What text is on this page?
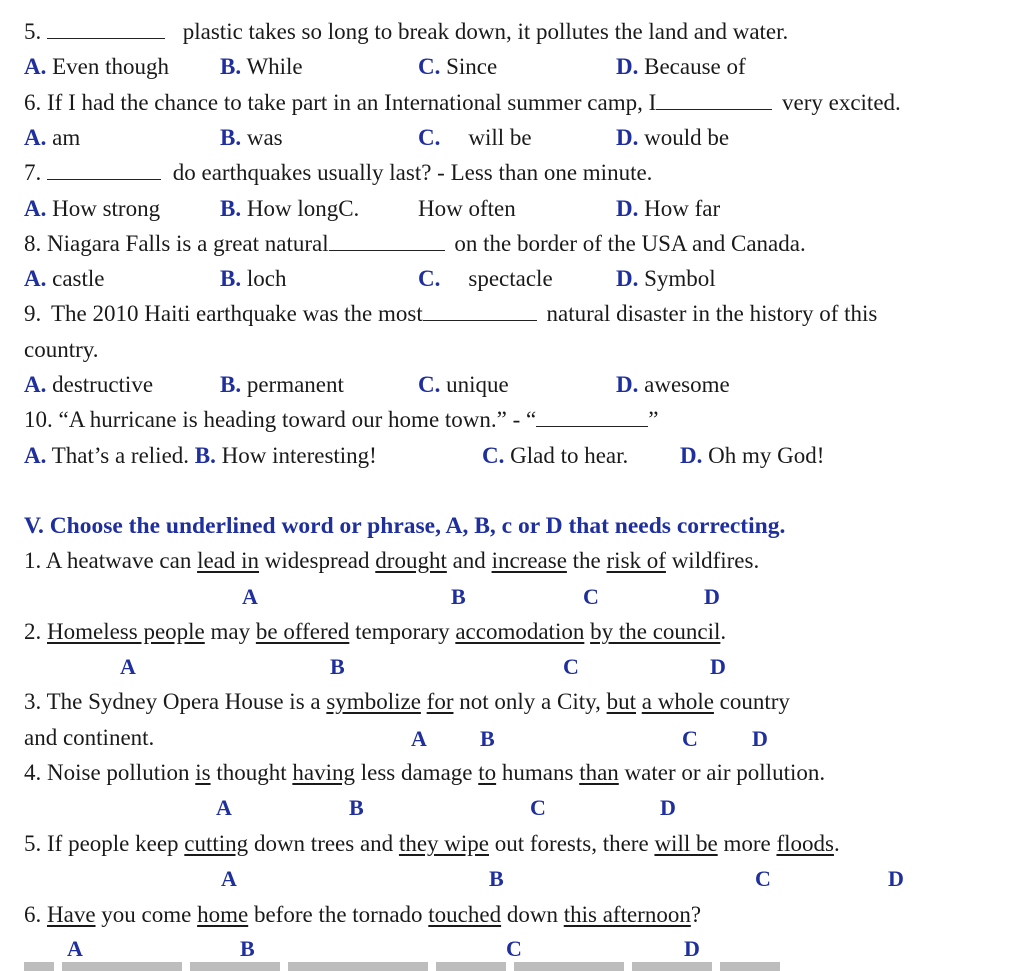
5.	plastic takes so long to break down, it pollutes the land and water.
A. Even though B. While	C. Since	D. Because of
6. If I had the chance to take part in an International summer camp, I	very excited.
A. am	B. was	C. will be	D. would be
7.	do earthquakes usually last? - Less than one minute.
A. How strong	B. How longC.	How often	D. How far
8. Niagara Falls is a great natural	on the border of the USA and Canada.
A. castle	B. loch	C. spectacle	D. Symbol
9. The 2010 Haiti earthquake was the most	natural disaster in the history of this
country.
A. destructive	B. permanent	C. unique	D. awesome
10. “A hurricane is heading toward our home town.” - “	”
A. That’s a relied. B. How interesting!	C. Glad to hear. D. Oh my God!
V. Choose the underlined word or phrase, A, B, c or D that needs correcting.
1. A heatwave can lead in widespread drought and increase the risk of wildfires.
A	B	C	D
2. Homeless people may be offered temporary accomodation by the council.
A	B	C	D
3. The Sydney Opera House is a symbolize for not only a City, but a whole country
and continent.	A B	C D
4. Noise pollution is thought having less damage to humans than water or air pollution.
A	B	C	D
5. If people keep cutting down trees and they wipe out forests, there will be more floods.
A	B	C	D
6. Have you come home before the tornado touched down this afternoon?
A	B	C	D
